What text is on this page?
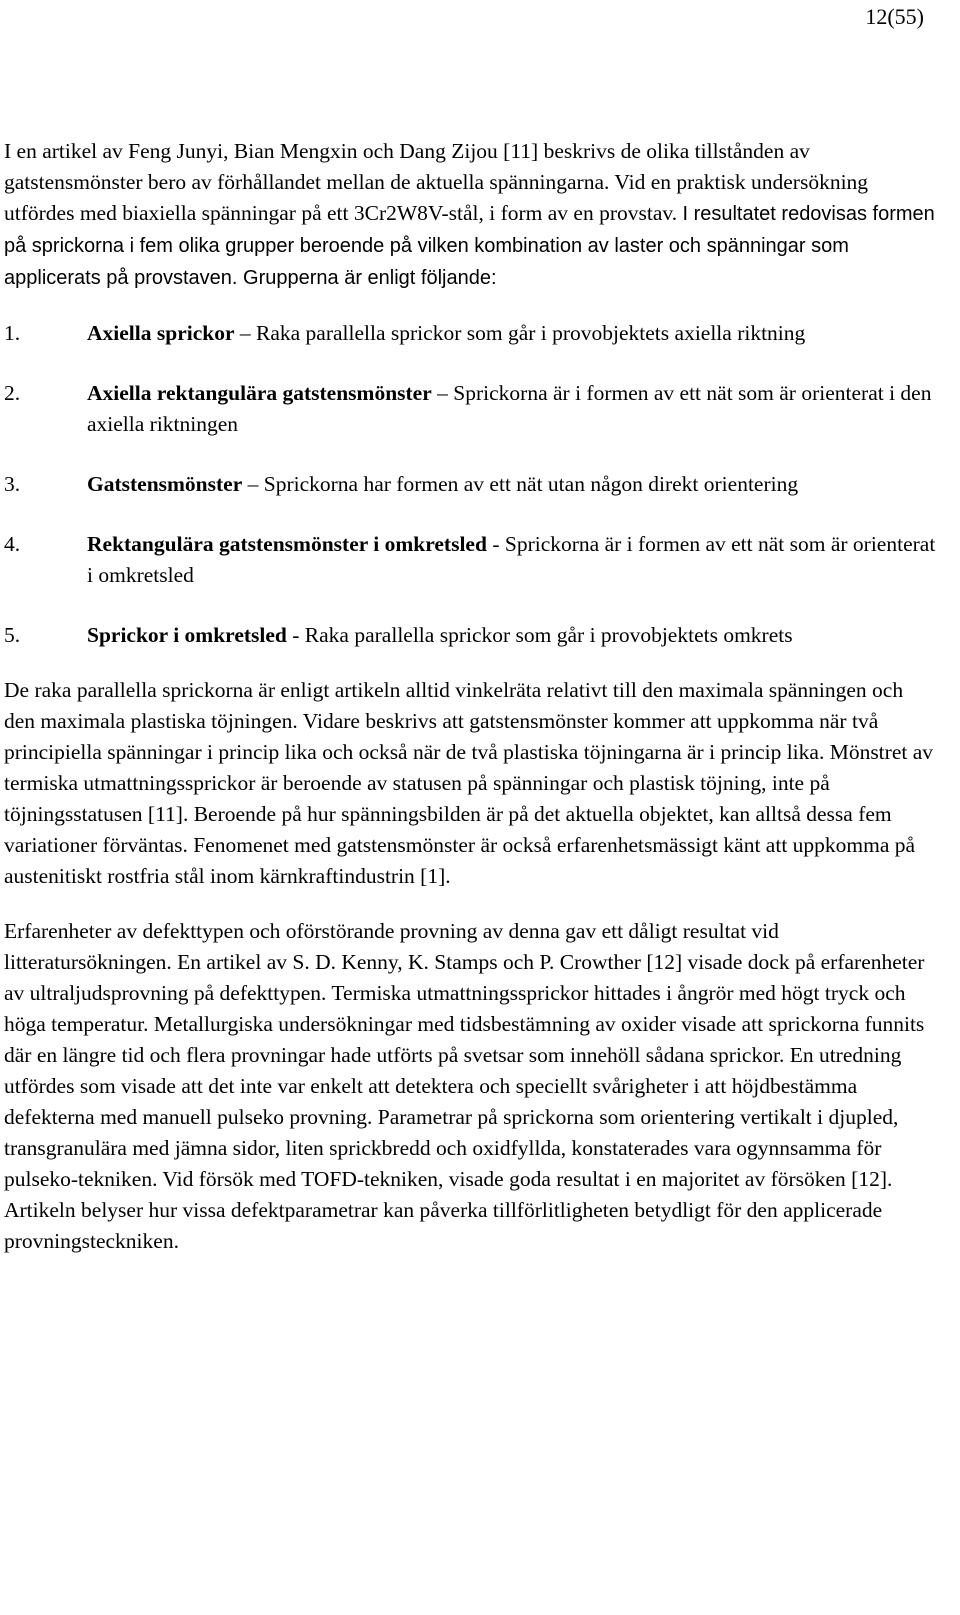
12(55)

I en artikel av Feng Junyi, Bian Mengxin och Dang Zijou [11] beskrivs de olika tillstånden av gatstensmönster bero av förhållandet mellan de aktuella spänningarna. Vid en praktisk undersökning utfördes med biaxiella spänningar på ett 3Cr2W8V-stål, i form av en provstav. I resultatet redovisas formen på sprickorna i fem olika grupper beroende på vilken kombination av laster och spänningar som applicerats på provstaven. Grupperna är enligt följande:

1.	Axiella sprickor – Raka parallella sprickor som går i provobjektets axiella riktning
2.	Axiella rektangulära gatstensmönster – Sprickorna är i formen av ett nät som är orienterat i den axiella riktningen
3.	Gatstensmönster – Sprickorna har formen av ett nät utan någon direkt orientering
4.	Rektangulära gatstensmönster i omkretsled - Sprickorna är i formen av ett nät som är orienterat i omkretsled
5.	Sprickor i omkretsled - Raka parallella sprickor som går i provobjektets omkrets

De raka parallella sprickorna är enligt artikeln alltid vinkelräta relativt till den maximala spänningen och den maximala plastiska töjningen. Vidare beskrivs att gatstensmönster kommer att uppkomma när två principiella spänningar i princip lika och också när de två plastiska töjningarna är i princip lika. Mönstret av termiska utmattningssprickor är beroende av statusen på spänningar och plastisk töjning, inte på töjningsstatusen [11]. Beroende på hur spänningsbilden är på det aktuella objektet, kan alltså dessa fem variationer förväntas. Fenomenet med gatstensmönster är också erfarenhetsmässigt känt att uppkomma på austenitiskt rostfria stål inom kärnkraftindustrin [1].

Erfarenheter av defekttypen och oförstörande provning av denna gav ett dåligt resultat vid litteratursökningen. En artikel av S. D. Kenny, K. Stamps och P. Crowther [12] visade dock på erfarenheter av ultraljudsprovning på defekttypen. Termiska utmattningssprickor hittades i ångrör med högt tryck och höga temperatur. Metallurgiska undersökningar med tidsbestämning av oxider visade att sprickorna funnits där en längre tid och flera provningar hade utförts på svetsar som innehöll sådana sprickor. En utredning utfördes som visade att det inte var enkelt att detektera och speciellt svårigheter i att höjdbestämma defekterna med manuell pulseko provning. Parametrar på sprickorna som orientering vertikalt i djupled, transgranulära med jämna sidor, liten sprickbredd och oxidfyllda, konstaterades vara ogynnsamma för pulseko-tekniken. Vid försök med TOFD-tekniken, visade goda resultat i en majoritet av försöken [12]. Artikeln belyser hur vissa defektparametrar kan påverka tillförlitligheten betydligt för den applicerade provningsteckniken.
